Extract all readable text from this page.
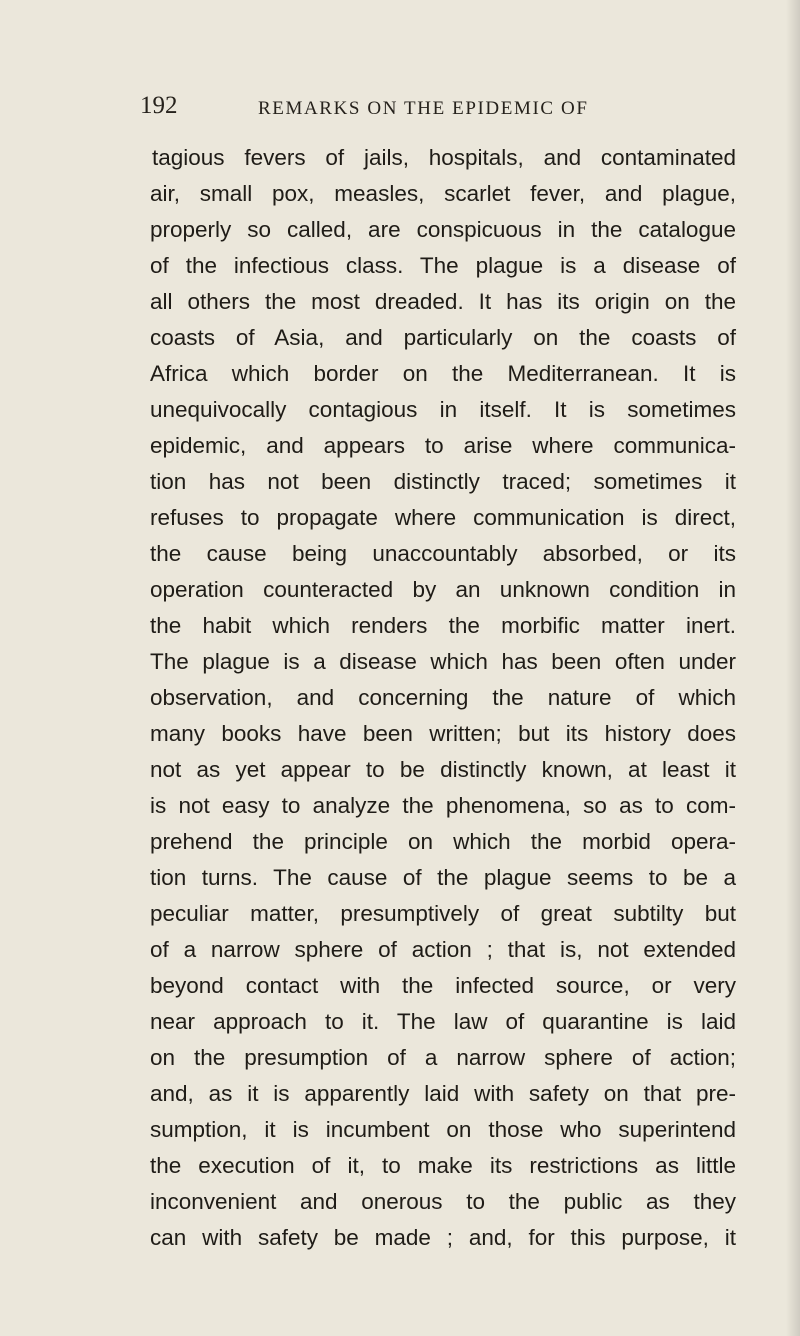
192	REMARKS ON THE EPIDEMIC OF
tagious fevers of jails, hospitals, and contaminated
air, small pox, measles, scarlet fever, and plague,
properly so called, are conspicuous in the catalogue
of the infectious class. The plague is a disease of
all others the most dreaded. It has its origin on the
coasts of Asia, and particularly on the coasts of
Africa which border on the Mediterranean. It is
unequivocally contagious in itself. It is sometimes
epidemic, and appears to arise where communica-
tion has not been distinctly traced; sometimes it
refuses to propagate where communication is direct,
the cause being unaccountably absorbed, or its
operation counteracted by an unknown condition in
the habit which renders the morbific matter inert.
The plague is a disease which has been often under
observation, and concerning the nature of which
many books have been written; but its history does
not as yet appear to be distinctly known, at least it
is not easy to analyze the phenomena, so as to com-
prehend the principle on which the morbid opera-
tion turns. The cause of the plague seems to be a
peculiar matter, presumptively of great subtilty but
of a narrow sphere of action ; that is, not extended
beyond contact with the infected source, or very
near approach to it. The law of quarantine is laid
on the presumption of a narrow sphere of action;
and, as it is apparently laid with safety on that pre-
sumption, it is incumbent on those who superintend
the execution of it, to make its restrictions as little
inconvenient and onerous to the public as they
can with safety be made ; and, for this purpose, it
